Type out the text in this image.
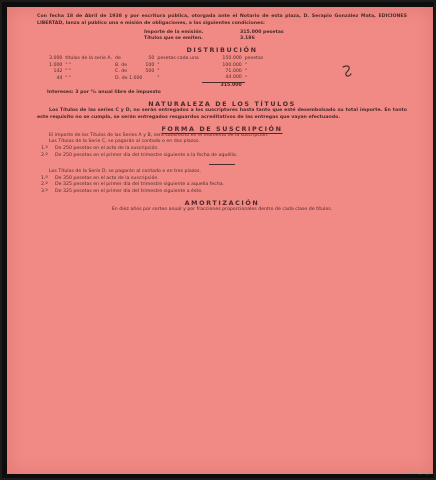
Con fecha 18 de Abril de 1938 y por escritura pública, otorgada ante el Notario de esta plaza, D. Serapio González Mata, EDICIONES LIBERTAD, lanza al público una e misión de obligaciones, a las siguientes condiciones:

Importe de la emisión.	315.000 pesetas
Títulos que se emiten.	3.186
DISTRIBUCIÓN
3.000	títulos de la serie A.	de	50	pesetas cada una	150.000	pesetas
1.000	" "	B. de	100	"	100.000	"
142	" "	C. de	500	"	71.000	"
44	" "	D. de 1.000		"	44.000	"
					315.000	

Intereses: 3 por ⁰/₀ anual libre de impuesto

NATURALEZA DE LOS TÍTULOS

Los Títulos de las series C y D, no serán entregados a los suscriptores hasta tanto que esté desembolsado su total importe. En tanto este requisito no se cumpla, se serán entregados resguardos acreditativos de las entregas que vayan efectuando.

FORMA DE SUSCRIPCIÓN

El importe de los Títulos de las Series A y B, será satisfecho en el momento de la suscripción.

Los Títulos de la Serie C, se pagarán al contado o en dos plazos.

1.º	De 250 pesetas en el acto de la suscripción.
2.º	De 250 pesetas en el primer día del trimestre siguiente a la fecha de aquélla.

Los Títulos de la Serie D, se pagarán al contado o en tres plazos.

1.º	De 350 pesetas en el acto de la suscripción.
2.º	De 325 pesetas en el primer día del trimestre siguiente a aquella fecha.
3.º	De 325 pesetas en el primer día del trimestre siguiente a éste.
AMORTIZACIÓN

En diez años por sorteo anual y por fracciones proporcionales dentro de cada clase de títulos.

003819_1.jp
